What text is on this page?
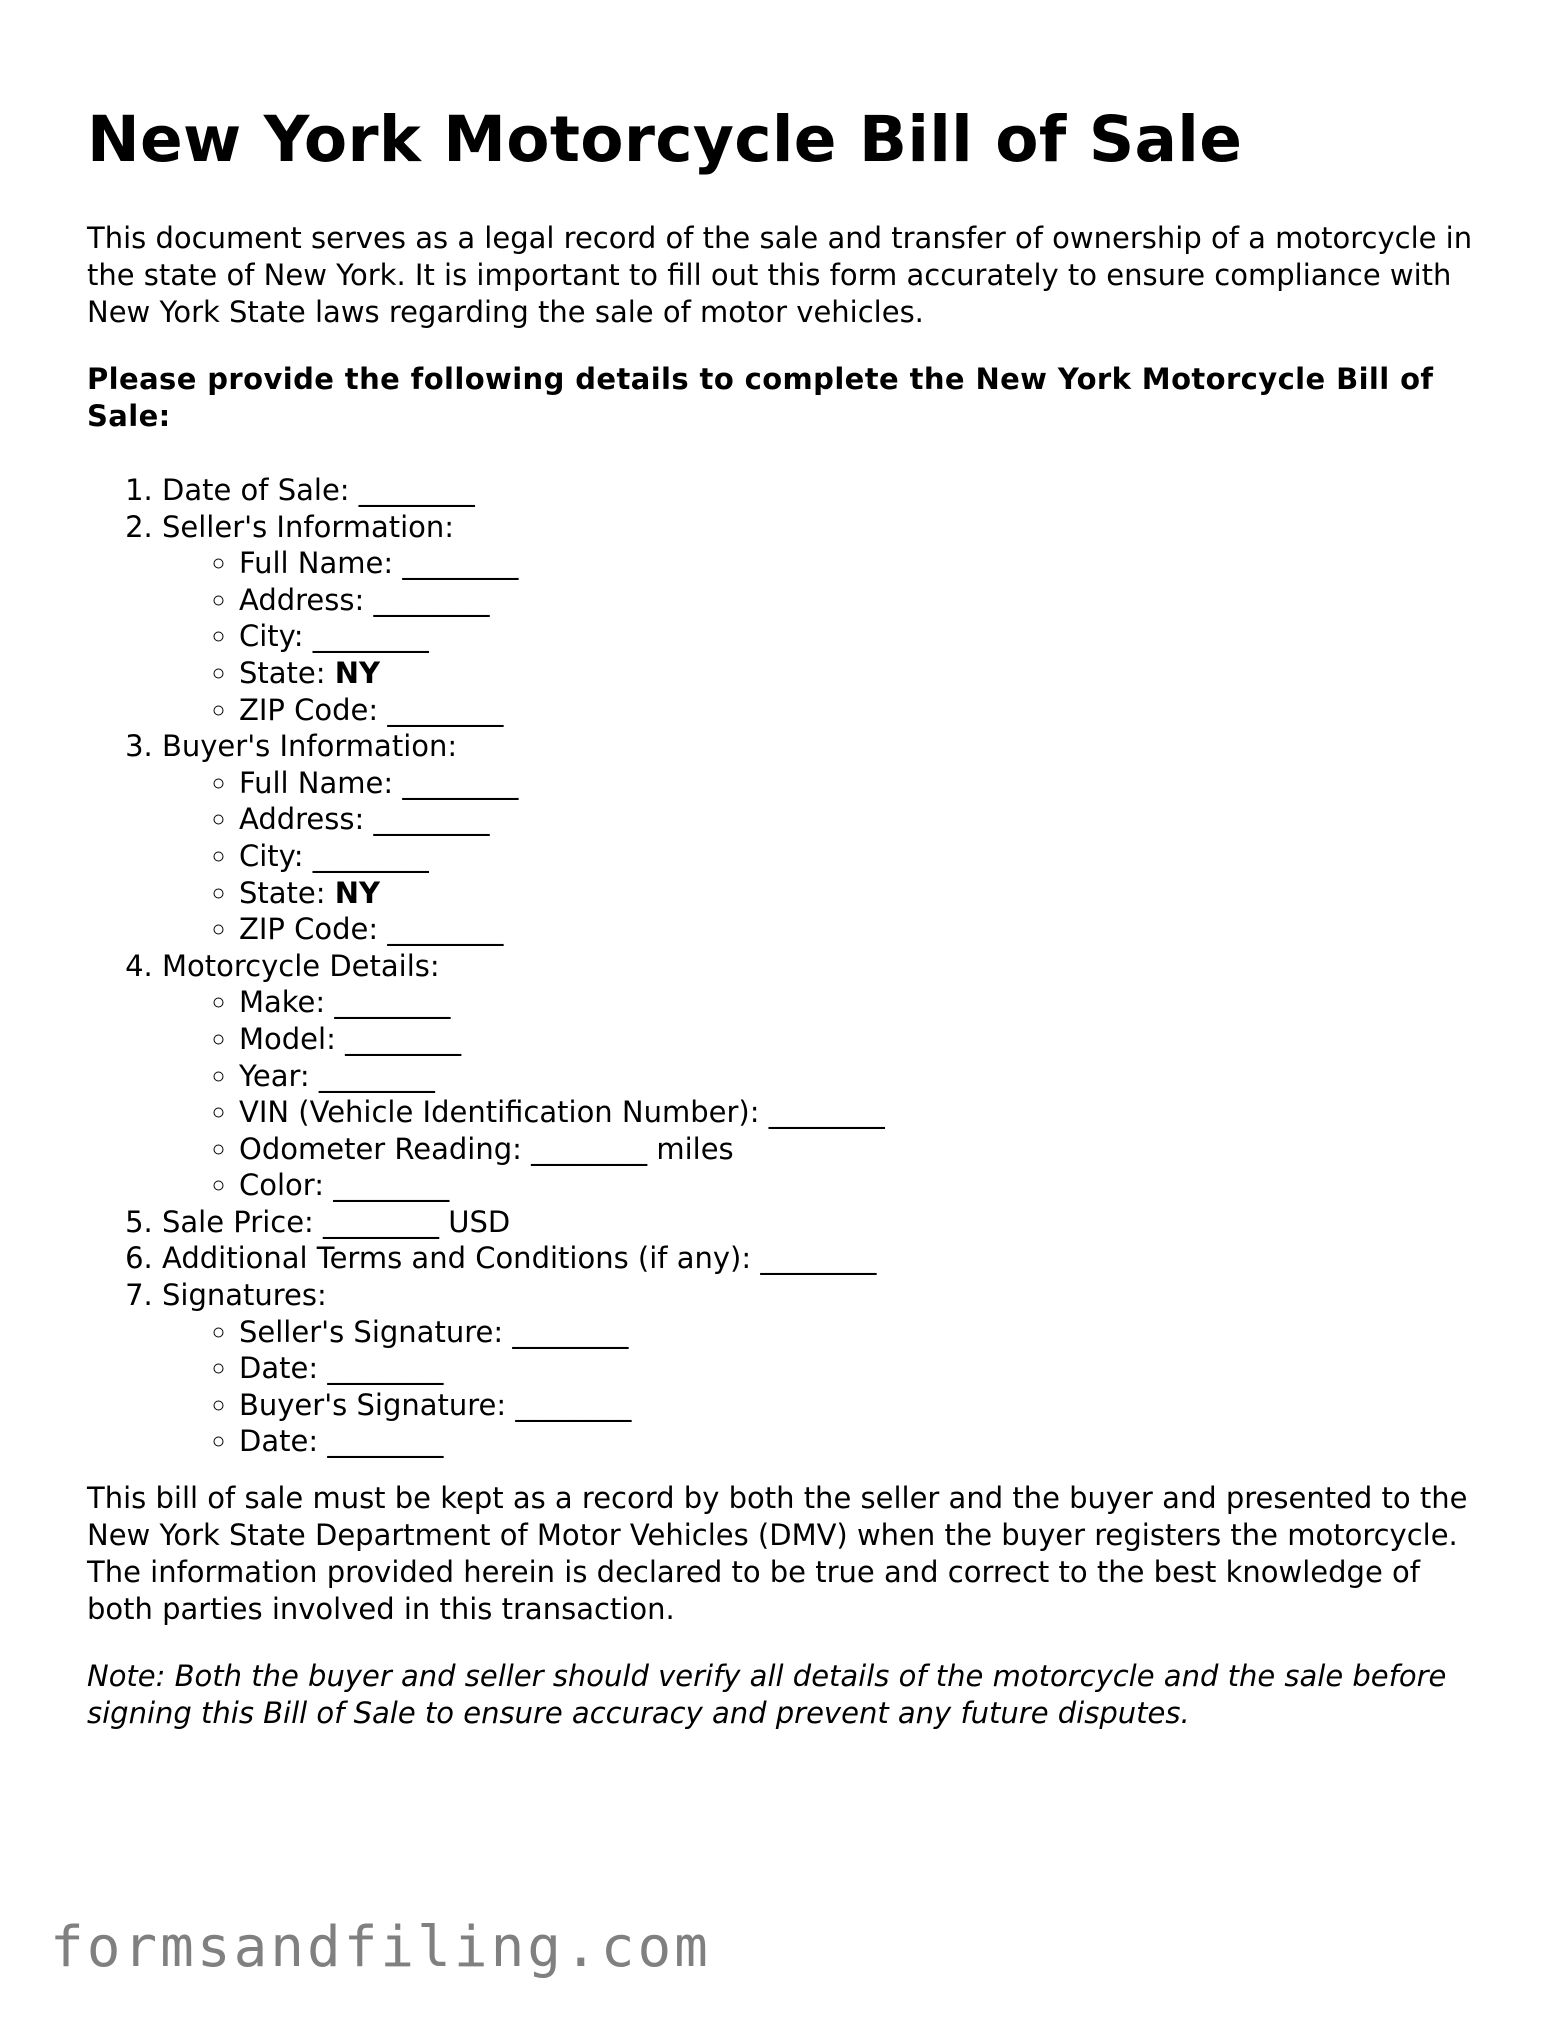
New York Motorcycle Bill of Sale

This document serves as a legal record of the sale and transfer of ownership of a motorcycle in the state of New York. It is important to fill out this form accurately to ensure compliance with New York State laws regarding the sale of motor vehicles.

Please provide the following details to complete the New York Motorcycle Bill of Sale:

1. Date of Sale: ________
2. Seller's Information:
◦ Full Name: ________
◦ Address: ________
◦ City: ________
◦ State: NY
◦ ZIP Code: ________
3. Buyer's Information:
◦ Full Name: ________
◦ Address: ________
◦ City: ________
◦ State: NY
◦ ZIP Code: ________
4. Motorcycle Details:
◦ Make: ________
◦ Model: ________
◦ Year: ________
◦ VIN (Vehicle Identification Number): ________
◦ Odometer Reading: ________ miles
◦ Color: ________
5. Sale Price: ________ USD
6. Additional Terms and Conditions (if any): ________
7. Signatures:
◦ Seller's Signature: ________
◦ Date: ________
◦ Buyer's Signature: ________
◦ Date: ________

This bill of sale must be kept as a record by both the seller and the buyer and presented to the New York State Department of Motor Vehicles (DMV) when the buyer registers the motorcycle. The information provided herein is declared to be true and correct to the best knowledge of both parties involved in this transaction.

Note: Both the buyer and seller should verify all details of the motorcycle and the sale before signing this Bill of Sale to ensure accuracy and prevent any future disputes.

formsandfiling.com
